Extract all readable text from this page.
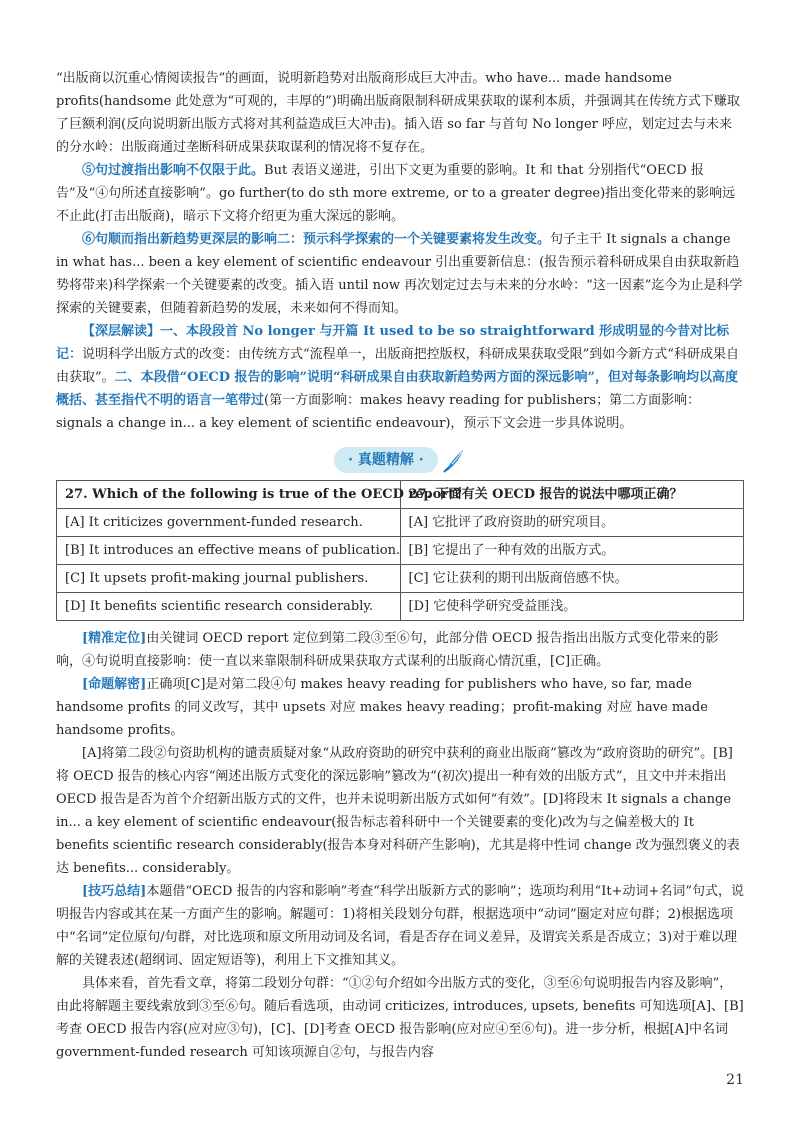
“出版商以沉重心情阅读报告”的画面，说明新趋势对出版商形成巨大冲击。who have... made handsome profits(handsome 此处意为“可观的，丰厚的”)明确出版商限制科研成果获取的谋利本质，并强调其在传统方式下赚取了巨额利润(反向说明新出版方式将对其利益造成巨大冲击)。插入语 so far 与首句 No longer 呼应，划定过去与未来的分水岭：出版商通过垄断科研成果获取谋利的情况将不复存在。

⑤句过渡指出影响不仅限于此。But 表语义递进，引出下文更为重要的影响。It 和 that 分别指代“OECD 报告”及“④句所述直接影响”。go further(to do sth more extreme, or to a greater degree)指出变化带来的影响远不止此(打击出版商)，暗示下文将介绍更为重大深远的影响。

⑥句顺而指出新趋势更深层的影响二：预示科学探索的一个关键要素将发生改变。句子主干 It signals a change in what has... been a key element of scientific endeavour 引出重要新信息：(报告预示着科研成果自由获取新趋势将带来)科学探索一个关键要素的改变。插入语 until now 再次划定过去与未来的分水岭：“这一因素”迄今为止是科学探索的关键要素，但随着新趋势的发展，未来如何不得而知。

【深层解读】一、本段段首 No longer 与开篇 It used to be so straightforward 形成明显的今昔对比标记：说明科学出版方式的改变：由传统方式“流程单一，出版商把控版权，科研成果获取受限”到如今新方式“科研成果自由获取”。二、本段借“OECD 报告的影响”说明“科研成果自由获取新趋势两方面的深远影响”，但对每条影响均以高度概括、甚至指代不明的语言一笔带过(第一方面影响：makes heavy reading for publishers；第二方面影响：signals a change in... a key element of scientific endeavour)，预示下文会进一步具体说明。

· 真题精解 ·
27. Which of the following is true of the OECD report?	27. 下面有关 OECD 报告的说法中哪项正确？
[A] It criticizes government-funded research.	[A] 它批评了政府资助的研究项目。
[B] It introduces an effective means of publication.	[B] 它提出了一种有效的出版方式。
[C] It upsets profit-making journal publishers.	[C] 它让获利的期刊出版商倍感不快。
[D] It benefits scientific research considerably.	[D] 它使科学研究受益匪浅。

[精准定位]由关键词 OECD report 定位到第二段③至⑥句，此部分借 OECD 报告指出出版方式变化带来的影响，④句说明直接影响：使一直以来靠限制科研成果获取方式谋利的出版商心情沉重，[C]正确。

[命题解密]正确项[C]是对第二段④句 makes heavy reading for publishers who have, so far, made handsome profits 的同义改写，其中 upsets 对应 makes heavy reading；profit-making 对应 have made handsome profits。

[A]将第二段②句资助机构的谴责质疑对象“从政府资助的研究中获利的商业出版商”篡改为“政府资助的研究”。[B]将 OECD 报告的核心内容“阐述出版方式变化的深远影响”篡改为“(初次)提出一种有效的出版方式”，且文中并未指出 OECD 报告是否为首个介绍新出版方式的文件，也并未说明新出版方式如何“有效”。[D]将段末 It signals a change in... a key element of scientific endeavour(报告标志着科研中一个关键要素的变化)改为与之偏差极大的 It benefits scientific research considerably(报告本身对科研产生影响)，尤其是将中性词 change 改为强烈褒义的表达 benefits... considerably。

[技巧总结]本题借“OECD 报告的内容和影响”考查“科学出版新方式的影响”；选项均利用“It+动词+名词”句式，说明报告内容或其在某一方面产生的影响。解题可：1)将相关段划分句群，根据选项中“动词”圈定对应句群；2)根据选项中“名词”定位原句/句群，对比选项和原文所用动词及名词，看是否存在词义差异，及谓宾关系是否成立；3)对于难以理解的关键表述(超纲词、固定短语等)，利用上下文推知其义。

具体来看，首先看文章，将第二段划分句群：“①②句介绍如今出版方式的变化，③至⑥句说明报告内容及影响”，由此将解题主要线索放到③至⑥句。随后看选项，由动词 criticizes, introduces, upsets, benefits 可知选项[A]、[B]考查 OECD 报告内容(应对应③句)，[C]、[D]考查 OECD 报告影响(应对应④至⑥句)。进一步分析，根据[A]中名词 government-funded research 可知该项源自②句，与报告内容

21
